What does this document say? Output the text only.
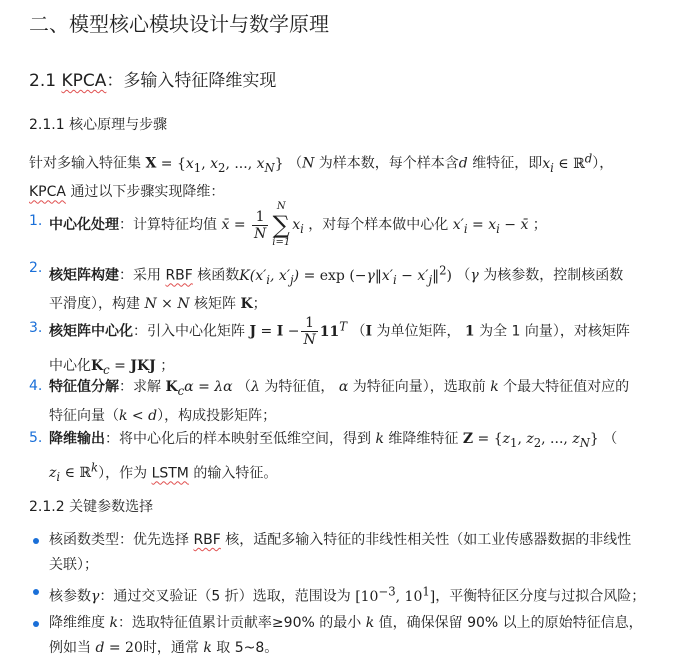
二、模型核心模块设计与数学原理
2.1 KPCA：多输入特征降维实现
2.1.1 核心原理与步骤
针对多输入特征集 $X = \{x_1$, $x_2$, ..., $x_N$} （N 为样本数，每个样本含d 维特征，即$x_i$ ∈ ℝ$^d$），
KPCA 通过以下步骤实现降维：
1. 中心化处理：计算特征均值 x̄ = $\frac{1}{N}$
N
∑
i=1
$x_i$ ，对每个样本做中心化 $x'_i = x_i$ − x̄ ；
2. 核矩阵构建：采用 RBF 核函数$K(x'_i$, $x'_j) = \exp$ ($-\gamma‖x'_i$ − $x'_j‖^2$) （γ 为核参数，控制核函数
平滑度），构建 N × N 核矩阵 K；
3. 核矩阵中心化：引入中心化矩阵 $J = I - \frac{1}{N} 11^T$ （I 为单位矩阵， 1 为全 1 向量），对核矩阵
中心化$K_c$ = JKJ ；
4. 特征值分解：求解 $K_c\alpha = \lambda\alpha$ （λ 为特征值， α 为特征向量），选取前 k 个最大特征值对应的
特征向量（k < d），构成投影矩阵；
5. 降维输出：将中心化后的样本映射至低维空间，得到 k 维降维特征 $Z = \{z_1$, $z_2$, ..., $z_N$} （
$z_i$ ∈ ℝ$^k$），作为 LSTM 的输入特征。
2.1.2 关键参数选择
核函数类型：优先选择 RBF 核，适配多输入特征的非线性相关性（如工业传感器数据的非线性
关联）；
核参数γ：通过交叉验证（5 折）选取，范围设为 [$10^{-3}$, $10^1$]，平衡特征区分度与过拟合风险；
降维维度 k：选取特征值累计贡献率≥90% 的最小 k 值，确保保留 90% 以上的原始特征信息，
例如当 d = 20时，通常 k 取 5~8。
